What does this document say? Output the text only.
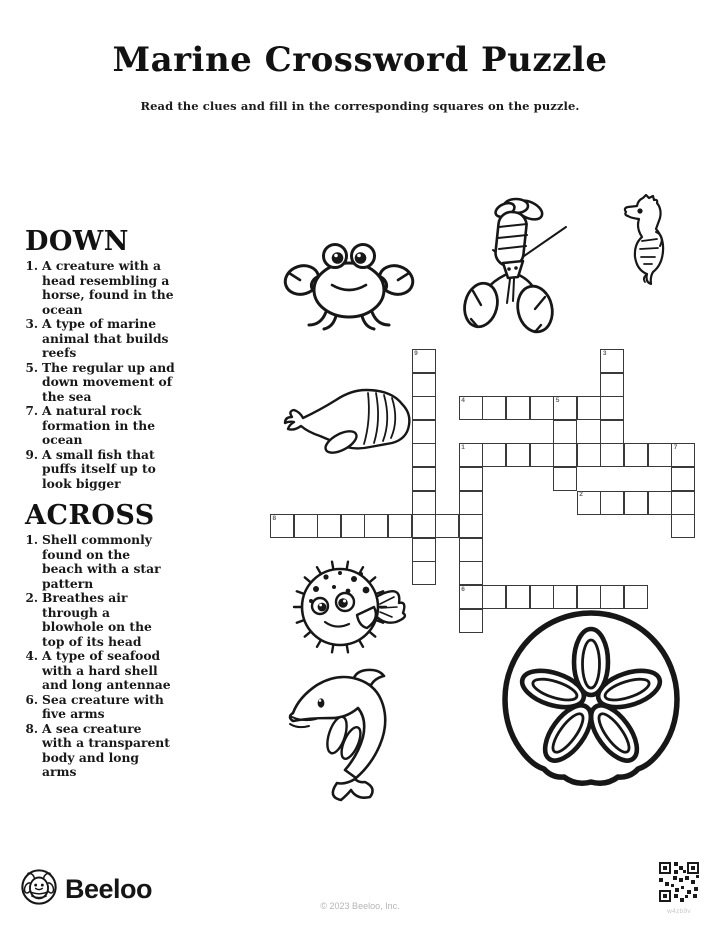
Marine Crossword Puzzle
Read the clues and fill in the corresponding squares on the puzzle.
DOWN
1. A creature with a head resembling a horse, found in the ocean
3. A type of marine animal that builds reefs
5. The regular up and down movement of the sea
7. A natural rock formation in the ocean
9. A small fish that puffs itself up to look bigger
ACROSS
1. Shell commonly found on the beach with a star pattern
2. Breathes air through a blowhole on the top of its head
4. A type of seafood with a hard shell and long antennae
6. Sea creature with five arms
8. A sea creature with a transparent body and long arms
9	3
4	5
1	7
6
2
8
Beeloo
© 2023 Beeloo, Inc.
w4zb9v
